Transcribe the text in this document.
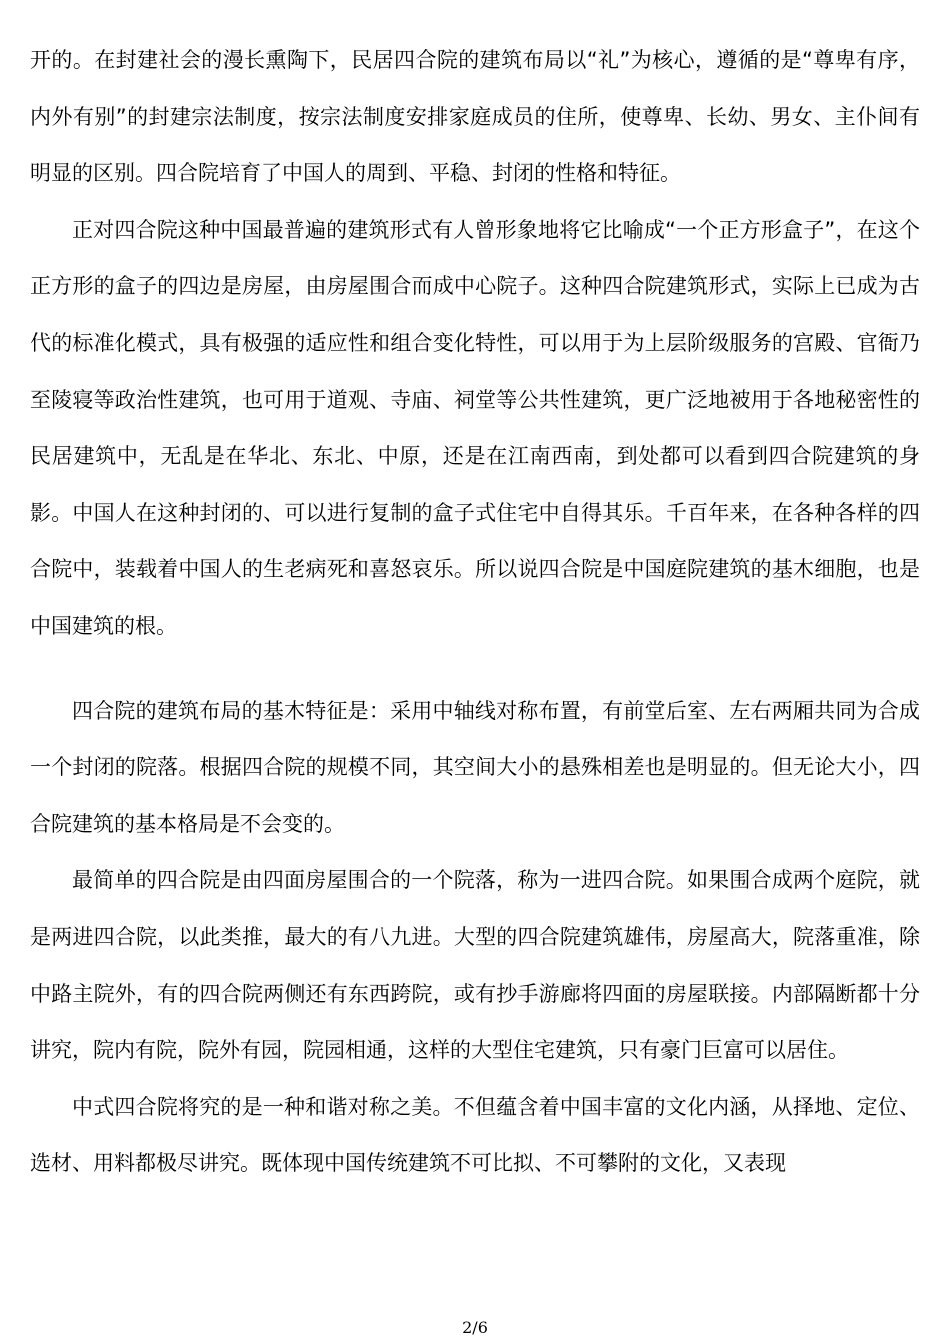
开的。在封建社会的漫长熏陶下，民居四合院的建筑布局以“礼”为核心，遵循的是“尊卑有序，内外有别”的封建宗法制度，按宗法制度安排家庭成员的住所，使尊卑、长幼、男女、主仆间有明显的区别。四合院培育了中国人的周到、平稳、封闭的性格和特征。

正对四合院这种中国最普遍的建筑形式有人曾形象地将它比喻成“一个正方形盒子”，在这个正方形的盒子的四边是房屋，由房屋围合而成中心院子。这种四合院建筑形式，实际上已成为古代的标准化模式，具有极强的适应性和组合变化特性，可以用于为上层阶级服务的宫殿、官衙乃至陵寝等政治性建筑，也可用于道观、寺庙、祠堂等公共性建筑，更广泛地被用于各地秘密性的民居建筑中，无乱是在华北、东北、中原，还是在江南西南，到处都可以看到四合院建筑的身影。中国人在这种封闭的、可以进行复制的盒子式住宅中自得其乐。千百年来，在各种各样的四合院中，装载着中国人的生老病死和喜怒哀乐。所以说四合院是中国庭院建筑的基木细胞，也是中国建筑的根。

四合院的建筑布局的基木特征是：采用中轴线对称布置，有前堂后室、左右两厢共同为合成一个封闭的院落。根据四合院的规模不同，其空间大小的悬殊相差也是明显的。但无论大小，四合院建筑的基本格局是不会变的。

最简单的四合院是由四面房屋围合的一个院落，称为一进四合院。如果围合成两个庭院，就是两进四合院，以此类推，最大的有八九进。大型的四合院建筑雄伟，房屋高大，院落重准，除中路主院外，有的四合院两侧还有东西跨院，或有抄手游廊将四面的房屋联接。内部隔断都十分讲究，院内有院，院外有园，院园相通，这样的大型住宅建筑，只有豪门巨富可以居住。

中式四合院将究的是一种和谐对称之美。不但蕴含着中国丰富的文化内涵，从择地、定位、选材、用料都极尽讲究。既体现中国传统建筑不可比拟、不可攀附的文化，又表现

2/6
